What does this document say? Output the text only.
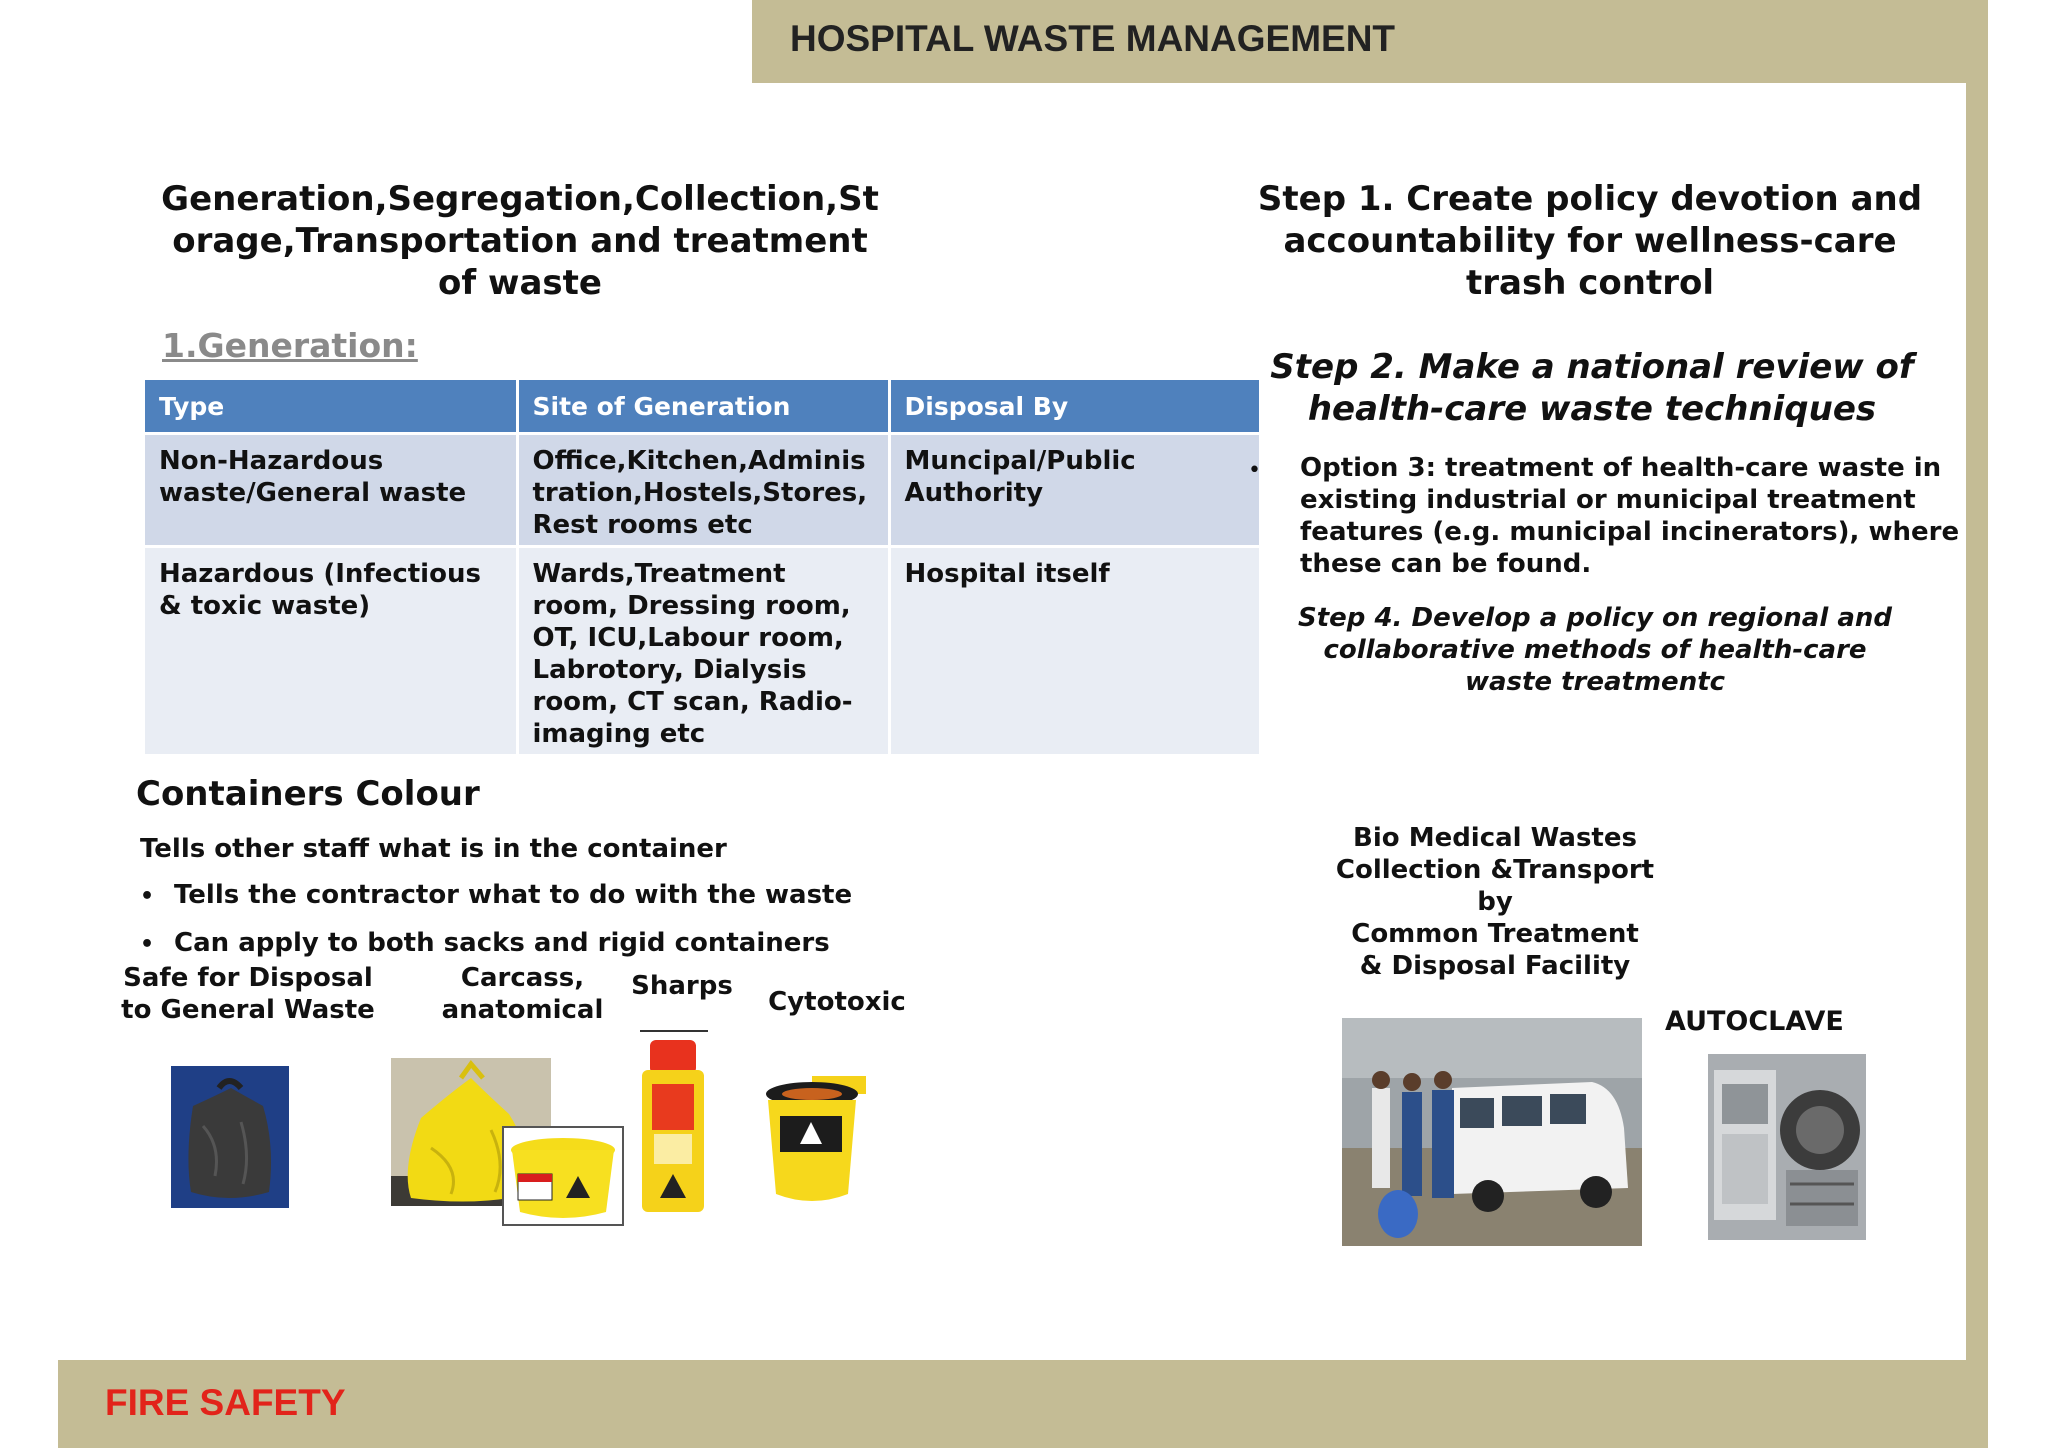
HOSPITAL WASTE MANAGEMENT
FIRE SAFETY
Generation,Segregation,Collection,St
orage,Transportation and treatment
of waste
1.Generation:
Type	Site of Generation	Disposal By
Non-Hazardous waste/General waste	Office,Kitchen,Administration,Hostels,Stores, Rest rooms etc	Muncipal/Public Authority
Hazardous (Infectious & toxic waste)	Wards,Treatment room, Dressing room, OT, ICU,Labour room, Labrotory, Dialysis room, CT scan, Radio-imaging etc	Hospital itself
Containers Colour
Tells other staff what is in the container
• Tells the contractor what to do with the waste
• Can apply to both sacks and rigid containers
Safe for Disposal to General Waste
Carcass, anatomical
Sharps
Cytotoxic
Step 1. Create policy devotion and accountability for wellness-care trash control
Step 2. Make a national review of health-care waste techniques
• Option 3: treatment of health-care waste in existing industrial or municipal treatment features (e.g. municipal incinerators), where these can be found.
Step 4. Develop a policy on regional and collaborative methods of health-care waste treatmentc
Bio Medical Wastes
Collection &Transport
by
Common Treatment
& Disposal Facility
AUTOCLAVE
